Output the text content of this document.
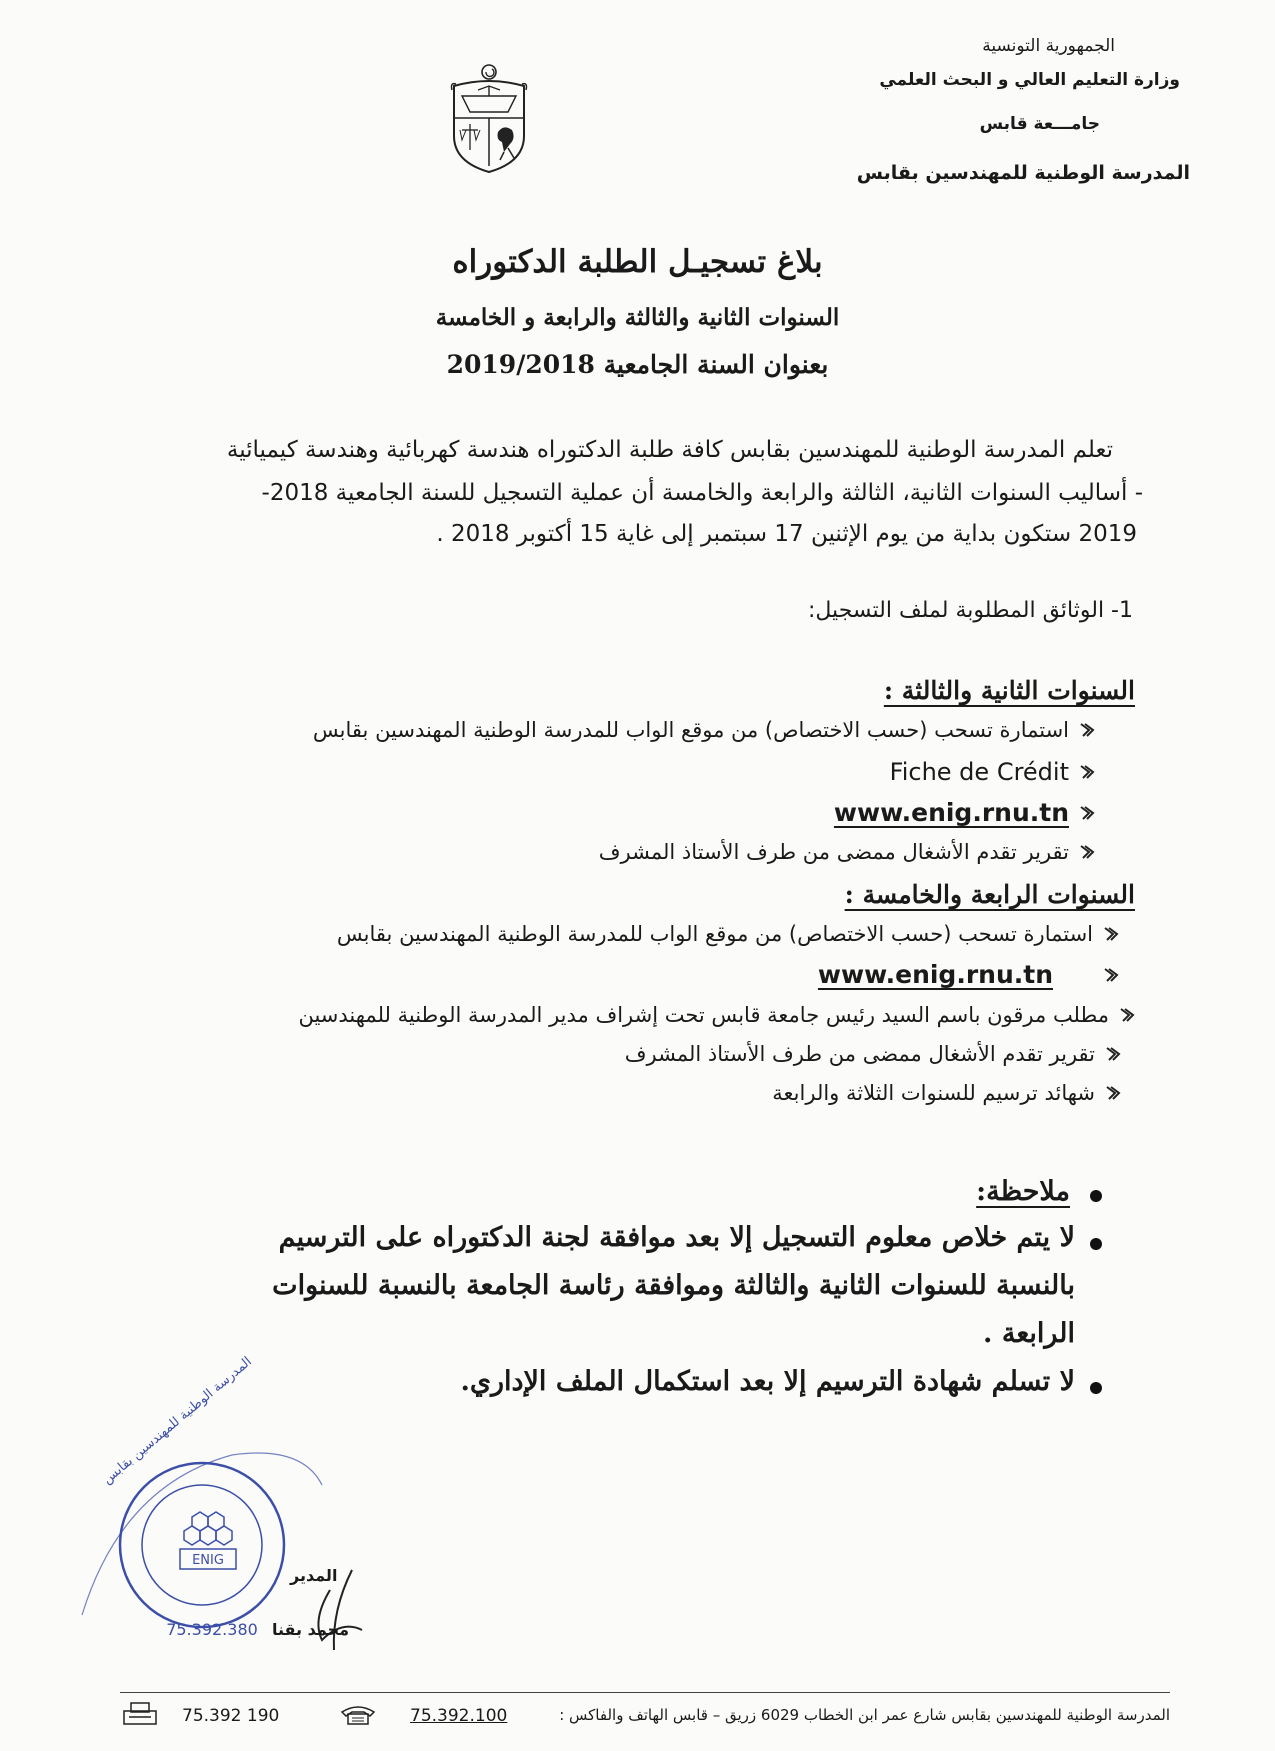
الجمهورية التونسية
وزارة التعليم العالي و البحث العلمي
جامـــعة قابس
المدرسة الوطنية للمهندسين بقابس
بلاغ تسجيـل الطلبة الدكتوراه
السنوات الثانية والثالثة والرابعة و الخامسة
بعنوان السنة الجامعية 2019/2018
تعلم المدرسة الوطنية للمهندسين بقابس كافة طلبة الدكتوراه هندسة كهربائية وهندسة كيميائية
- أساليب السنوات الثانية، الثالثة والرابعة والخامسة أن عملية التسجيل للسنة الجامعية 2018-
2019 ستكون بداية من يوم الإثنين 17 سبتمبر إلى غاية 15 أكتوبر 2018 .
1- الوثائق المطلوبة لملف التسجيل:
السنوات الثانية والثالثة :
استمارة تسحب (حسب الاختصاص) من موقع الواب للمدرسة الوطنية المهندسين بقابس
Fiche de Crédit
www.enig.rnu.tn
تقرير تقدم الأشغال ممضى من طرف الأستاذ المشرف
السنوات الرابعة والخامسة :
استمارة تسحب (حسب الاختصاص) من موقع الواب للمدرسة الوطنية المهندسين بقابس
www.enig.rnu.tn
مطلب مرقون باسم السيد رئيس جامعة قابس تحت إشراف مدير المدرسة الوطنية للمهندسين
تقرير تقدم الأشغال ممضى من طرف الأستاذ المشرف
شهائد ترسيم للسنوات الثلاثة والرابعة
ملاحظة:
لا يتم خلاص معلوم التسجيل إلا بعد موافقة لجنة الدكتوراه على الترسيم
بالنسبة للسنوات الثانية والثالثة وموافقة رئاسة الجامعة بالنسبة للسنوات
الرابعة .
لا تسلم شهادة الترسيم إلا بعد استكمال الملف الإداري.
ENIG
75.392.380
المدرسة الوطنية للمهندسين بقابس
المدير
محمد بقنا
المدرسة الوطنية للمهندسين بقابس شارع عمر ابن الخطاب 6029 زريق – قابس الهاتف والفاكس :
75.392.100
75.392 190
